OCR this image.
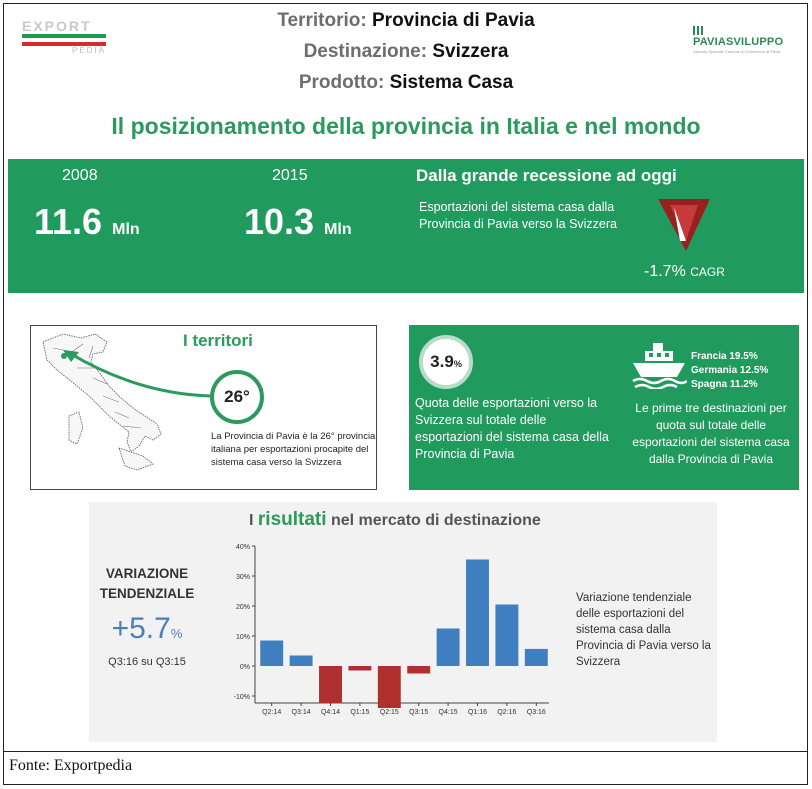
EXPORT
PEDIA
PAVIASVILUPPO
Azienda Speciale Camera di Commercio di Pavia
Territorio: Provincia di Pavia
Destinazione: Svizzera
Prodotto: Sistema Casa
Il posizionamento della provincia in Italia e nel mondo
2008
11.6 Mln
2015
10.3 Mln
Dalla grande recessione ad oggi
Esportazioni del sistema casa dalla Provincia di Pavia verso la Svizzera
-1.7% CAGR
I territori
26°
La Provincia di Pavia è la 26° provincia italiana per esportazioni procapite del sistema casa verso la Svizzera
3.9%
Quota delle esportazioni verso la Svizzera sul totale delle esportazioni del sistema casa della Provincia di Pavia
Francia 19.5%
Germania 12.5%
Spagna 11.2%
Le prime tre destinazioni per quota sul totale delle esportazioni del sistema casa dalla Provincia di Pavia
I risultati nel mercato di destinazione
VARIAZIONE TENDENZIALE
+5.7%
Q3:16 su Q3:15
40%
30%
20%
10%
0%
-10%
Q2:14 Q3:14 Q4:14 Q1:15 Q2:15 Q3:15 Q4:15 Q1:16 Q2:16 Q3:16
Variazione tendenziale delle esportazioni del sistema casa dalla Provincia di Pavia verso la Svizzera
Fonte: Exportpedia
